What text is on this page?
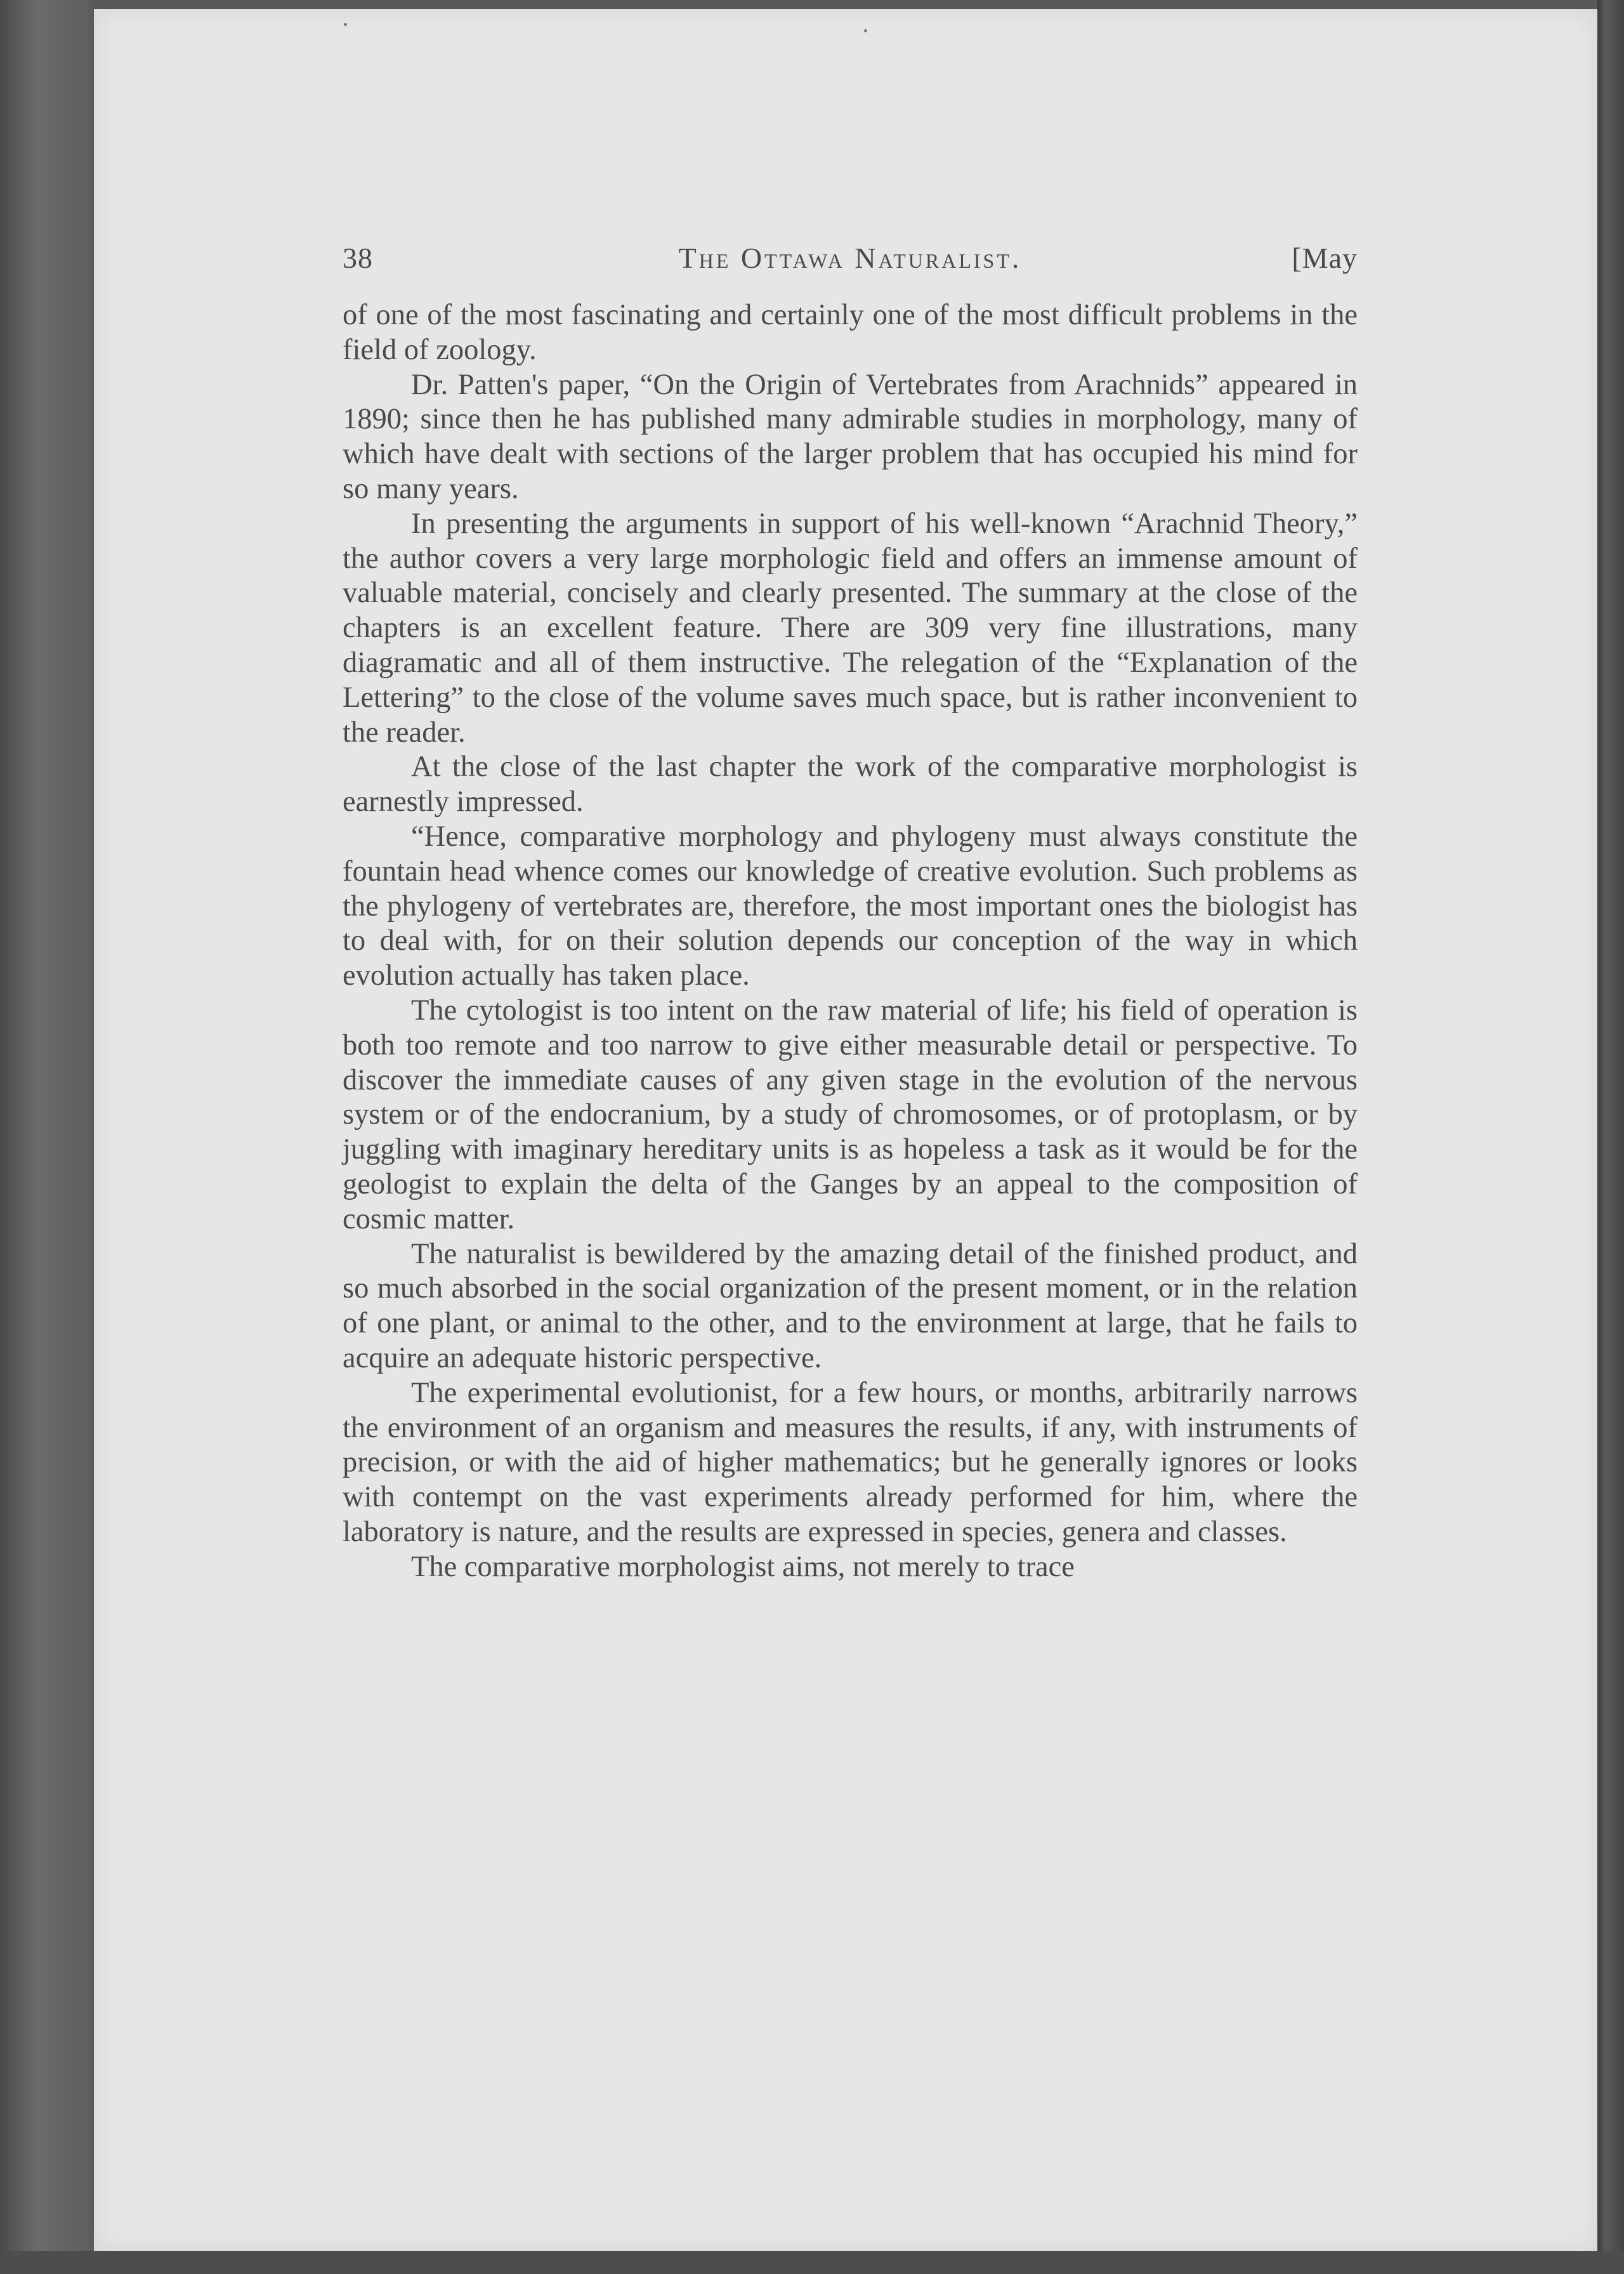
38	The Ottawa Naturalist.	[May

of one of the most fascinating and certainly one of the most difficult problems in the field of zoology.

Dr. Patten's paper, “On the Origin of Vertebrates from Arachnids” appeared in 1890; since then he has published many admirable studies in morphology, many of which have dealt with sections of the larger problem that has occupied his mind for so many years.

In presenting the arguments in support of his well-known “Arachnid Theory,” the author covers a very large morphologic field and offers an immense amount of valuable material, concisely and clearly presented. The summary at the close of the chapters is an excellent feature. There are 309 very fine illustrations, many diagramatic and all of them instructive. The relegation of the “Explanation of the Lettering” to the close of the volume saves much space, but is rather inconvenient to the reader.

At the close of the last chapter the work of the comparative morphologist is earnestly impressed.

“Hence, comparative morphology and phylogeny must always constitute the fountain head whence comes our knowledge of creative evolution. Such problems as the phylogeny of vertebrates are, therefore, the most important ones the biologist has to deal with, for on their solution depends our conception of the way in which evolution actually has taken place.

The cytologist is too intent on the raw material of life; his field of operation is both too remote and too narrow to give either measurable detail or perspective. To discover the immediate causes of any given stage in the evolution of the nervous system or of the endocranium, by a study of chromosomes, or of protoplasm, or by juggling with imaginary hereditary units is as hopeless a task as it would be for the geologist to explain the delta of the Ganges by an appeal to the composition of cosmic matter.

The naturalist is bewildered by the amazing detail of the finished product, and so much absorbed in the social organization of the present moment, or in the relation of one plant, or animal to the other, and to the environment at large, that he fails to acquire an adequate historic perspective.

The experimental evolutionist, for a few hours, or months, arbitrarily narrows the environment of an organism and measures the results, if any, with instruments of precision, or with the aid of higher mathematics; but he generally ignores or looks with contempt on the vast experiments already performed for him, where the laboratory is nature, and the results are expressed in species, genera and classes.

The comparative morphologist aims, not merely to trace
